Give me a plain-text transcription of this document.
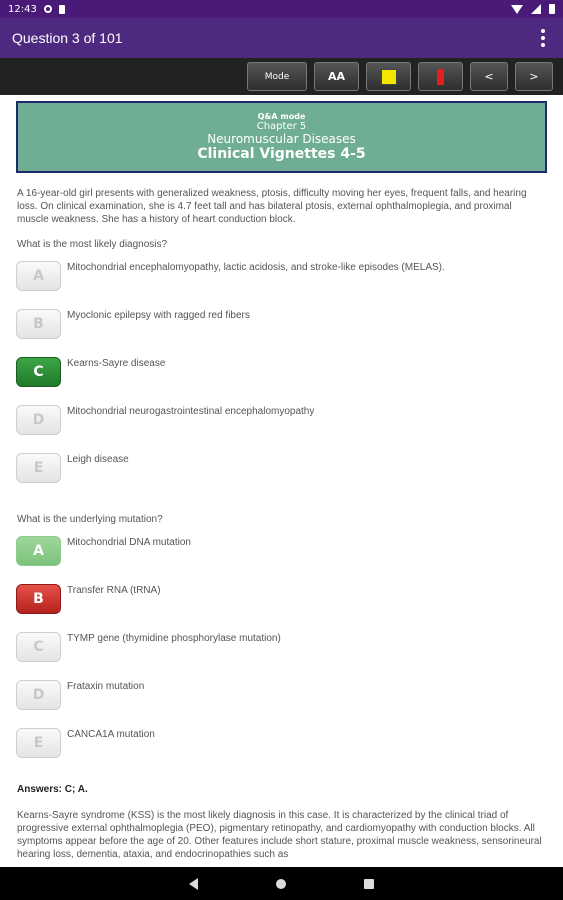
12:43
Question 3 of 101
Mode	AA	<	>
Q&A mode
Chapter 5
Neuromuscular Diseases
Clinical Vignettes 4-5
A 16-year-old girl presents with generalized weakness, ptosis, difficulty moving her eyes, frequent falls, and hearing loss. On clinical examination, she is 4.7 feet tall and has bilateral ptosis, external ophthalmoplegia, and proximal muscle weakness. She has a history of heart conduction block.
What is the most likely diagnosis?
A
Mitochondrial encephalomyopathy, lactic acidosis, and stroke-like episodes (MELAS).
B
Myoclonic epilepsy with ragged red fibers
C
Kearns-Sayre disease
D
Mitochondrial neurogastrointestinal encephalomyopathy
E
Leigh disease
What is the underlying mutation?
A
Mitochondrial DNA mutation
B
Transfer RNA (tRNA)
C
TYMP gene (thymidine phosphorylase mutation)
D
Frataxin mutation
E
CANCA1A mutation
Answers: C; A.
Kearns-Sayre syndrome (KSS) is the most likely diagnosis in this case. It is characterized by the clinical triad of progressive external ophthalmoplegia (PEO), pigmentary retinopathy, and cardiomyopathy with conduction blocks. All symptoms appear before the age of 20. Other features include short stature, proximal muscle weakness, sensorineural hearing loss, dementia, ataxia, and endocrinopathies such as
